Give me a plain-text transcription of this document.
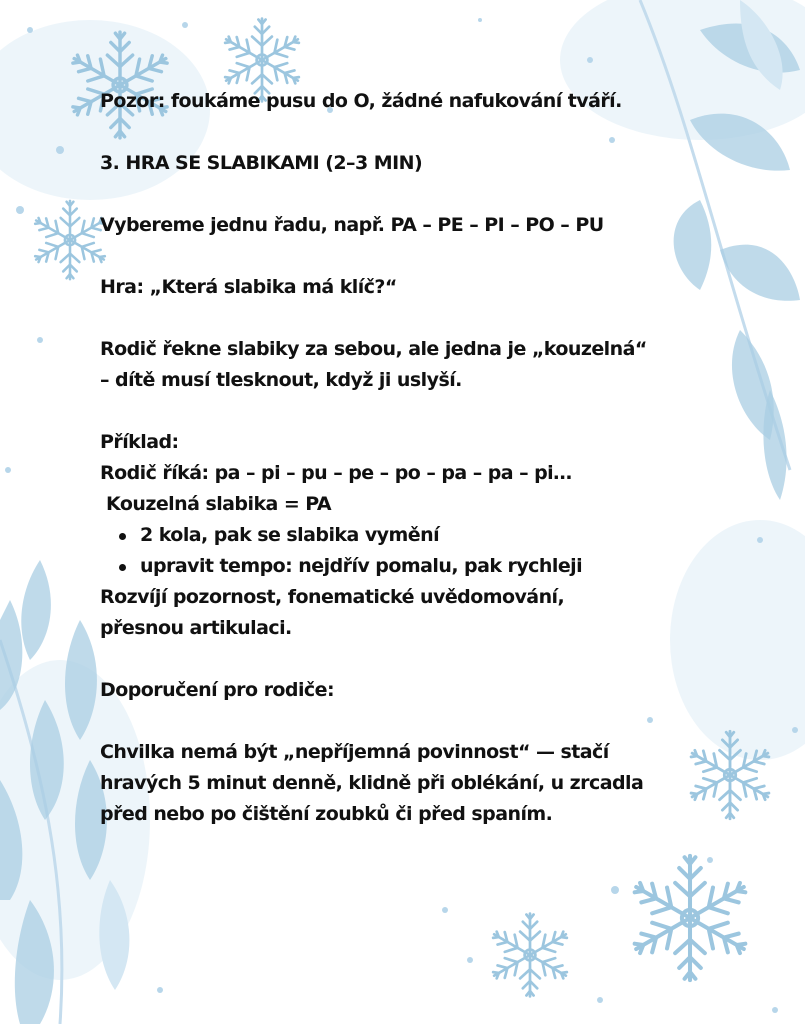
Pozor: foukáme pusu do O, žádné nafukování tváří.

3. HRA SE SLABIKAMI (2–3 MIN)

Vybereme jednu řadu, např. PA – PE – PI – PO – PU

Hra: „Která slabika má klíč?“

Rodič řekne slabiky za sebou, ale jedna je „kouzelná“

– dítě musí tlesknout, když ji uslyší.

Příklad:

Rodič říká: pa – pi – pu – pe – po – pa – pa – pi…

Kouzelná slabika = PA

2 kola, pak se slabika vymění
upravit tempo: nejdřív pomalu, pak rychleji

Rozvíjí pozornost, fonematické uvědomování,

přesnou artikulaci.

Doporučení pro rodiče:

Chvilka nemá být „nepříjemná povinnost“ — stačí

hravých 5 minut denně, klidně při oblékání, u zrcadla

před nebo po čištění zoubků či před spaním.
